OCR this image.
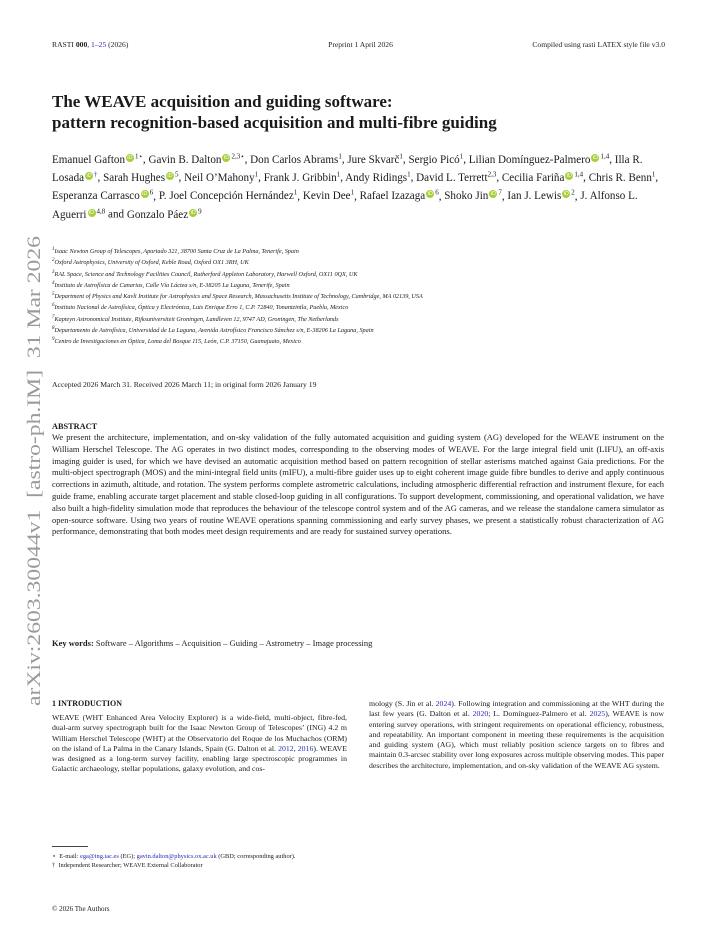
RASTI 000, 1–25 (2026)	Preprint 1 April 2026	Compiled using rasti LATEX style file v3.0
arXiv:2603.30044v1  [astro-ph.IM]  31 Mar 2026
The WEAVE acquisition and guiding software:
pattern recognition-based acquisition and multi-fibre guiding
Emanuel Gafton iD $^{1⋆}$, Gavin B. Dalton iD $^{2,3⋆}$, Don Carlos Abrams$^1$, Jure Skvarč$^1$, Sergio Picó$^1$, Lilian Domínguez-Palmero iD $^{1,4}$, Illa R. Losada iD †, Sarah Hughes iD $^5$, Neil O’Mahony$^1$, Frank J. Gribbin$^1$, Andy Ridings$^1$, David L. Terrett$^{2,3}$, Cecilia Fariña iD $^{1,4}$, Chris R. Benn$^1$, Esperanza Carrasco iD $^6$, P. Joel Concepción Hernández$^1$, Kevin Dee$^1$, Rafael Izazaga iD $^6$, Shoko Jin iD $^7$, Ian J. Lewis iD $^2$, J. Alfonso L. Aguerri iD $^{4,8}$ and Gonzalo Páez iD $^9$
$^1$Isaac Newton Group of Telescopes, Apartado 321, 38700 Santa Cruz de La Palma, Tenerife, Spain
$^2$Oxford Astrophysics, University of Oxford, Keble Road, Oxford OX1 3RH, UK
$^3$RAL Space, Science and Technology Facilities Council, Rutherford Appleton Laboratory, Harwell Oxford, OX11 0QX, UK
$^4$Instituto de Astrofísica de Canarias, Calle Vía Láctea s/n, E-38205 La Laguna, Tenerife, Spain
$^5$Department of Physics and Kavli Institute for Astrophysics and Space Research, Massachusetts Institute of Technology, Cambridge, MA 02139, USA
$^6$Instituto Nacional de Astrofísica, Óptica y Electrónica, Luis Enrique Erro 1, C.P. 72840, Tonantzintla, Puebla, Mexico
$^7$Kapteyn Astronomical Institute, Rijksuniversiteit Groningen, Landleven 12, 9747 AD, Groningen, The Netherlands
$^8$Departamento de Astrofísica, Universidad de La Laguna, Avenida Astrofísico Francisco Sánchez s/n, E-38206 La Laguna, Spain
$^9$Centro de Investigaciones en Óptica, Loma del Bosque 115, León, C.P. 37150, Guanajuato, Mexico
Accepted 2026 March 31. Received 2026 March 11; in original form 2026 January 19
ABSTRACT
We present the architecture, implementation, and on-sky validation of the fully automated acquisition and guiding system (AG) developed for the WEAVE instrument on the William Herschel Telescope. The AG operates in two distinct modes, corresponding to the observing modes of WEAVE. For the large integral field unit (LIFU), an off-axis imaging guider is used, for which we have devised an automatic acquisition method based on pattern recognition of stellar asterisms matched against Gaia predictions. For the multi-object spectrograph (MOS) and the mini-integral field units (mIFU), a multi-fibre guider uses up to eight coherent image guide fibre bundles to derive and apply continuous corrections in azimuth, altitude, and rotation. The system performs complete astrometric calculations, including atmospheric differential refraction and instrument flexure, for each guide frame, enabling accurate target placement and stable closed-loop guiding in all configurations. To support development, commissioning, and operational validation, we have also built a high-fidelity simulation mode that reproduces the behaviour of the telescope control system and of the AG cameras, and we release the standalone camera simulator as open-source software. Using two years of routine WEAVE operations spanning commissioning and early survey phases, we present a statistically robust characterization of AG performance, demonstrating that both modes meet design requirements and are ready for sustained survey operations.
Key words: Software – Algorithms – Acquisition – Guiding – Astrometry – Image processing
1 INTRODUCTION
WEAVE (WHT Enhanced Area Velocity Explorer) is a wide-field, multi-object, fibre-fed, dual-arm survey spectrograph built for the Isaac Newton Group of Telescopes’ (ING) 4.2 m William Herschel Telescope (WHT) at the Observatorio del Roque de los Muchachos (ORM) on the island of La Palma in the Canary Islands, Spain (G. Dalton et al. 2012, 2016). WEAVE was designed as a long-term survey facility, enabling large spectroscopic programmes in Galactic archaeology, stellar populations, galaxy evolution, and cos-
mology (S. Jin et al. 2024). Following integration and commissioning at the WHT during the last few years (G. Dalton et al. 2020; L. Domínguez-Palmero et al. 2025), WEAVE is now entering survey operations, with stringent requirements on operational efficiency, robustness, and repeatability. An important component in meeting these requirements is the acquisition and guiding system (AG), which must reliably position science targets on to fibres and maintain 0.3-arcsec stability over long exposures across multiple observing modes. This paper describes the architecture, implementation, and on-sky validation of the WEAVE AG system.
⋆ E-mail: ega@ing.iac.es (EG); gavin.dalton@physics.ox.ac.uk (GBD; corresponding author).
† Independent Researcher; WEAVE External Collaborator
© 2026 The Authors
